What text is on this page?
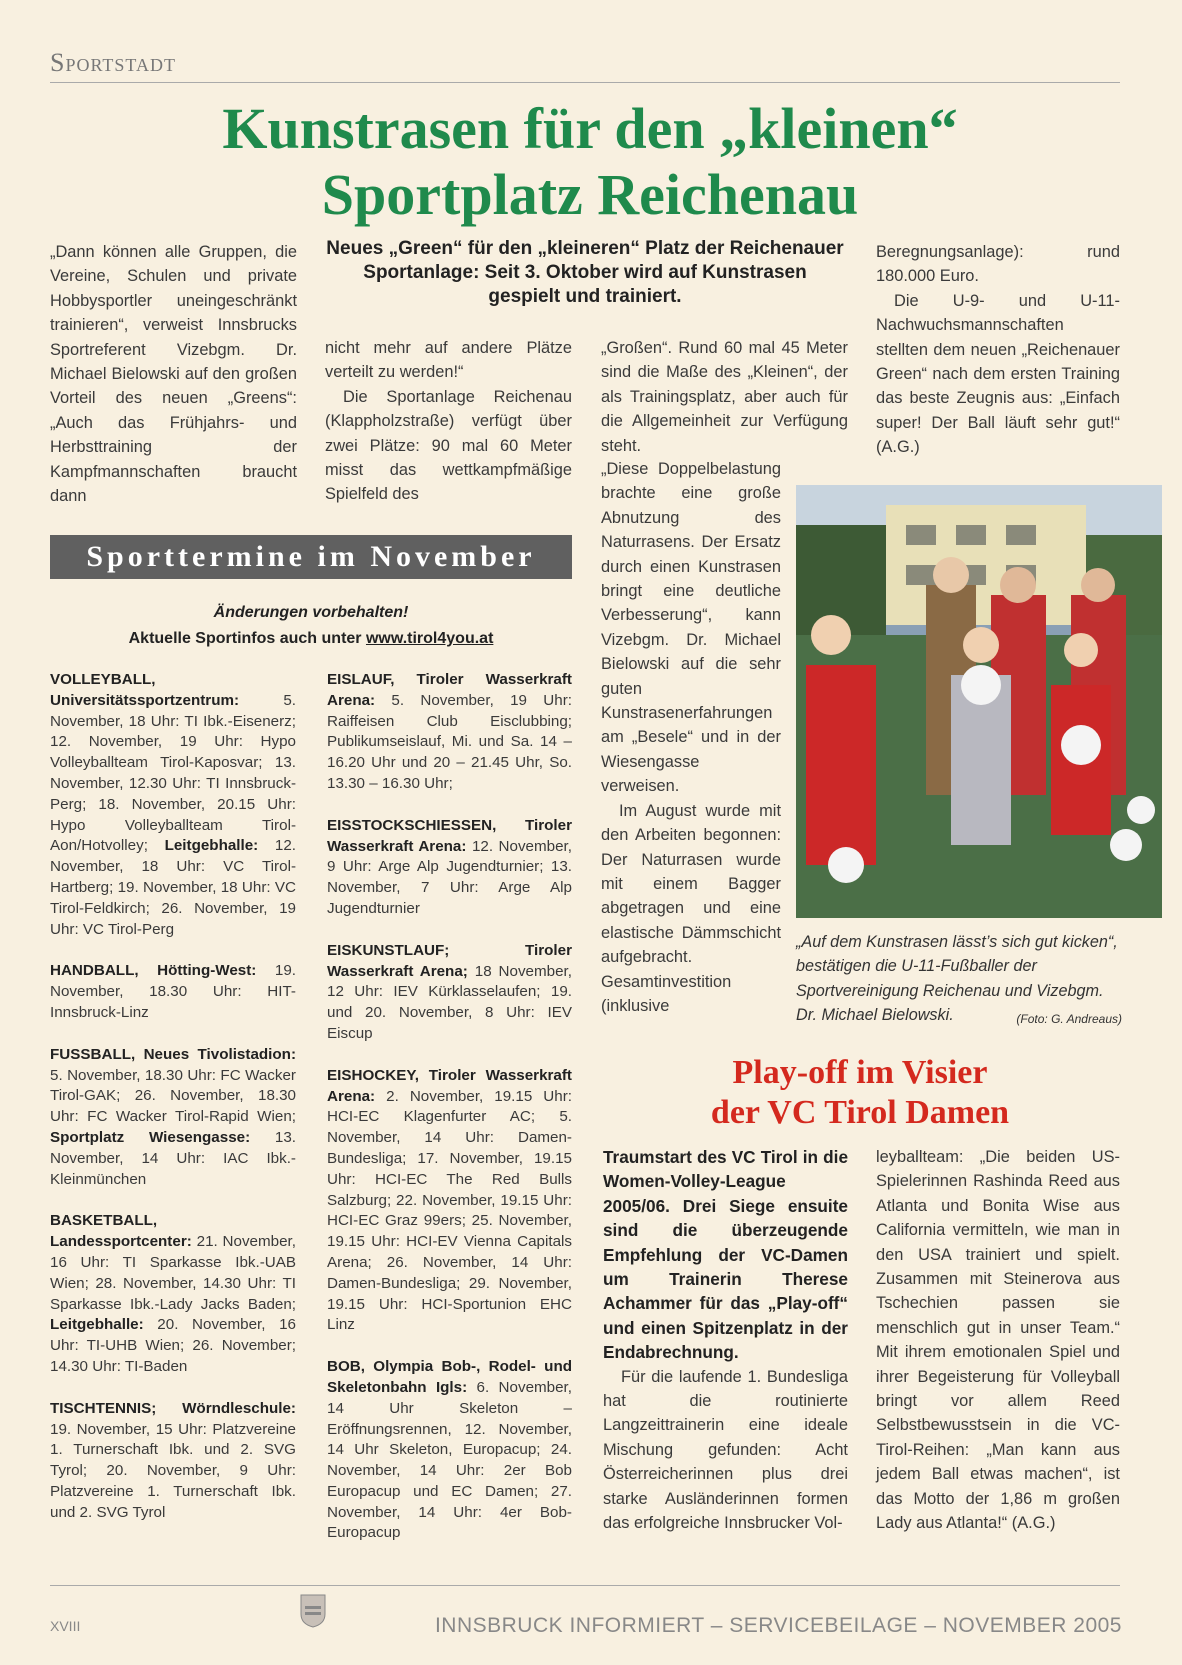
Sportstadt
Kunstrasen für den „kleinen“
Sportplatz Reichenau

„Dann können alle Gruppen, die Vereine, Schulen und private Hobbysportler uneingeschränkt trainieren“, verweist Innsbrucks Sportreferent Vizebgm. Dr. Michael Bielowski auf den großen Vorteil des neuen „Greens“: „Auch das Frühjahrs- und Herbsttraining der Kampfmannschaften braucht dann

Neues „Green“ für den „kleineren“ Platz der Reichenauer Sportanlage: Seit 3. Oktober wird auf Kunstrasen gespielt und trainiert.

nicht mehr auf andere Plätze verteilt zu werden!“

Die Sportanlage Reichenau (Klappholzstraße) verfügt über zwei Plätze: 90 mal 60 Meter misst das wettkampfmäßige Spielfeld des

„Großen“. Rund 60 mal 45 Meter sind die Maße des „Kleinen“, der als Trainingsplatz, aber auch für die Allgemeinheit zur Verfügung steht.

„Diese Doppelbelastung brachte eine große Abnutzung des Naturrasens. Der Ersatz durch einen Kunstrasen bringt eine deutliche Verbesserung“, kann Vizebgm. Dr. Michael Bielowski auf die sehr guten Kunstrasenerfahrungen am „Besele“ und in der Wiesengasse verweisen.

Im August wurde mit den Arbeiten begonnen: Der Naturrasen wurde mit einem Bagger abgetragen und eine elastische Dämmschicht aufgebracht. Gesamtinvestition (inklusive

Beregnungsanlage): rund 180.000 Euro.

Die U-9- und U-11-Nachwuchsmannschaften stellten dem neuen „Reichenauer Green“ nach dem ersten Training das beste Zeugnis aus: „Einfach super! Der Ball läuft sehr gut!“ (A.G.)

„Auf dem Kunstrasen lässt’s sich gut kicken“, bestätigen die U-11-Fußballer der Sportvereinigung Reichenau und Vizebgm. Dr. Michael Bielowski.	(Foto: G. Andreaus)
Sporttermine im November
Änderungen vorbehalten!
Aktuelle Sportinfos auch unter www.tirol4you.at

VOLLEYBALL, Universitätssportzentrum: 5. November, 18 Uhr: TI Ibk.-Eisenerz; 12. November, 19 Uhr: Hypo Volleyballteam Tirol-Kaposvar; 13. November, 12.30 Uhr: TI Innsbruck-Perg; 18. November, 20.15 Uhr: Hypo Volleyballteam Tirol-Aon/Hotvolley; Leitgebhalle: 12. November, 18 Uhr: VC Tirol-Hartberg; 19. November, 18 Uhr: VC Tirol-Feldkirch; 26. November, 19 Uhr: VC Tirol-Perg

HANDBALL, Hötting-West: 19. November, 18.30 Uhr: HIT-Innsbruck-Linz

FUSSBALL, Neues Tivolistadion: 5. November, 18.30 Uhr: FC Wacker Tirol-GAK; 26. November, 18.30 Uhr: FC Wacker Tirol-Rapid Wien; Sportplatz Wiesengasse: 13. November, 14 Uhr: IAC Ibk.-Kleinmünchen

BASKETBALL, Landessportcenter: 21. November, 16 Uhr: TI Sparkasse Ibk.-UAB Wien; 28. November, 14.30 Uhr: TI Sparkasse Ibk.-Lady Jacks Baden; Leitgebhalle: 20. November, 16 Uhr: TI-UHB Wien; 26. November; 14.30 Uhr: TI-Baden

TISCHTENNIS; Wörndleschule: 19. November, 15 Uhr: Platzvereine 1. Turnerschaft Ibk. und 2. SVG Tyrol; 20. November, 9 Uhr: Platzvereine 1. Turnerschaft Ibk. und 2. SVG Tyrol

EISLAUF, Tiroler Wasserkraft Arena: 5. November, 19 Uhr: Raiffeisen Club Eisclubbing; Publikumseislauf, Mi. und Sa. 14 – 16.20 Uhr und 20 – 21.45 Uhr, So. 13.30 – 16.30 Uhr;

EISSTOCKSCHIESSEN, Tiroler Wasserkraft Arena: 12. November, 9 Uhr: Arge Alp Jugendturnier; 13. November, 7 Uhr: Arge Alp Jugendturnier

EISKUNSTLAUF; Tiroler Wasserkraft Arena; 18 November, 12 Uhr: IEV Kürklasselaufen; 19. und 20. November, 8 Uhr: IEV Eiscup

EISHOCKEY, Tiroler Wasserkraft Arena: 2. November, 19.15 Uhr: HCI-EC Klagenfurter AC; 5. November, 14 Uhr: Damen-Bundesliga; 17. November, 19.15 Uhr: HCI-EC The Red Bulls Salzburg; 22. November, 19.15 Uhr: HCI-EC Graz 99ers; 25. November, 19.15 Uhr: HCI-EV Vienna Capitals Arena; 26. November, 14 Uhr: Damen-Bundesliga; 29. November, 19.15 Uhr: HCI-Sportunion EHC Linz

BOB, Olympia Bob-, Rodel- und Skeletonbahn Igls: 6. November, 14 Uhr Skeleton – Eröffnungsrennen, 12. November, 14 Uhr Skeleton, Europacup; 24. November, 14 Uhr: 2er Bob Europacup und EC Damen; 27. November, 14 Uhr: 4er Bob-Europacup

Play-off im Visier
der VC Tirol Damen

Traumstart des VC Tirol in die Women-Volley-League 2005/06. Drei Siege ensuite sind die überzeugende Empfehlung der VC-Damen um Trainerin Therese Achammer für das „Play-off“ und einen Spitzenplatz in der Endabrechnung.

Für die laufende 1. Bundesliga hat die routinierte Langzeittrainerin eine ideale Mischung gefunden: Acht Österreicherinnen plus drei starke Ausländerinnen formen das erfolgreiche Innsbrucker Vol-

leyballteam: „Die beiden US-Spielerinnen Rashinda Reed aus Atlanta und Bonita Wise aus California vermitteln, wie man in den USA trainiert und spielt. Zusammen mit Steinerova aus Tschechien passen sie menschlich gut in unser Team.“ Mit ihrem emotionalen Spiel und ihrer Begeisterung für Volleyball bringt vor allem Reed Selbstbewusstsein in die VC-Tirol-Reihen: „Man kann aus jedem Ball etwas machen“, ist das Motto der 1,86 m großen Lady aus Atlanta!“ (A.G.)

XVIII	INNSBRUCK INFORMIERT – SERVICEBEILAGE – NOVEMBER 2005
